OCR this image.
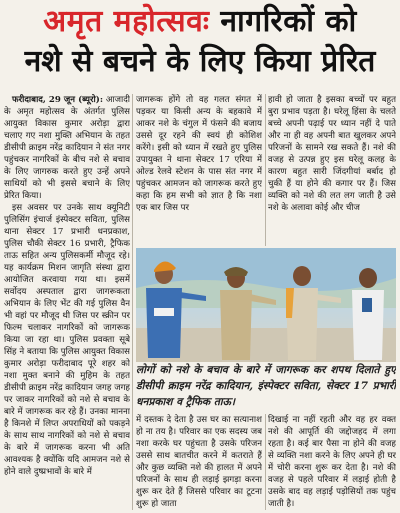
अमृत महोत्सवः नागरिकों को
नशे से बचने के लिए किया प्रेरित

फरीदाबाद, 29 जून (ब्यूरो): आजादी के अमृत महोत्सव के अंतर्गत पुलिस आयुक्त विकास कुमार अरोड़ा द्वारा चलाए गए नशा मुक्ति अभियान के तहत डीसीपी क्राइम नरेंद्र कादियान ने संत नगर पहुंचकर नागरिकों के बीच नशे से बचाव के लिए जागरुक करते हुए उन्हें अपने साथियों को भी इससे बचाने के लिए प्रेरित किया।

इस अवसर पर उनके साथ क्यूनिटी पुलिसिंग इंचार्ज इंस्पेक्टर सविता, पुलिस थाना सेक्टर 17 प्रभारी धनप्रकाश, पुलिस चौकी सेक्टर 16 प्रभारी, ट्रैफिक ताऊ सहित अन्य पुलिसकर्मी मौजूद रहे। यह कार्यक्रम मिशन जागृति संस्था द्वारा आयोजित करवाया गया था। इसमें सर्वोदय अस्पताल द्वारा जागरूकता अभियान के लिए भेंट की गई पुलिस वैन भी वहां पर मौजूद थी जिस पर स्क्रीन पर फिल्म चलाकर नागरिकों को जागरूक किया जा रहा था। पुलिस प्रवक्ता सूबे सिंह ने बताया कि पुलिस आयुक्त विकास कुमार अरोड़ा फरीदाबाद पूरे शहर को नशा मुक्त बनाने की मुहिम के तहत डीसीपी क्राइम नरेंद्र कादियान जगह जगह पर जाकर नागरिकों को नशे से बचाव के बारे में जागरूक कर रहे हैं। उनका मानना है किनशे में लिप्त अपराधियों को पकड़ने के साथ साथ नागरिकों को नशे से बचाव के बारे में जागरूक करना भी अति आवश्यक है क्योंकि यदि आमजन नशे से होने वाले दुष्प्रभावों के बारे में

जागरूक होंगे तो वह गलत संगत में पड़कर या किसी अन्य के बहकावे में आकर नशे के चंगुल में फंसने की बजाय उससे दूर रहने की स्वयं ही कोशिश करेंगे। इसी को ध्यान में रखते हुए पुलिस उपायुक्त ने थाना सेक्टर 17 एरिया में ओल्ड रेलवे स्टेशन के पास संत नगर में पहुंचकर आमजन को जागरूक करते हुए कहा कि हम सभी को ज्ञात है कि नशा एक बार जिस पर

हावी हो जाता है इसका बच्चों पर बहुत बुरा प्रभाव पड़ता है। घरेलू हिंसा के चलते बच्चे अपनी पढ़ाई पर ध्यान नहीं दे पाते और ना ही वह अपनी बात खुलकर अपने परिजनों के सामने रख सकते हैं। नशे की वजह से उत्पन्न हुए इस घरेलू कलह के कारण बहुत सारी जिंदगीयां बर्बाद हो चुकी हैं या होने की कगार पर हैं। जिस व्यक्ति को नशे की लत लग जाती है उसे नशे के अलावा कोई और चीज

लोगों को नशे के बचाव के बारे में जागरूक कर शपथ दिलाते हुए डीसीपी क्राइम नरेंद्र कादियान, इंस्पेक्टर सविता, सेक्टर 17 प्रभारी धनप्रकाश व ट्रैफिक ताऊ।

में दस्तक दे देता है उस घर का सत्यानाश हो ना तय है। परिवार का एक सदस्य जब नशा करके घर पहुंचता है उसके परिजन उससे साथ बातचीत करने में कतराते हैं और कुछ व्यक्ति नशे की हालत में अपने परिजनों के साथ ही लड़ाई झगड़ा करना शुरू कर देते हैं जिससे परिवार का टूटना शुरू हो जाता

दिखाई ना नहीं रहती और वह हर वक्त नशे की आपूर्ति की जद्दोजहद में लगा रहता है। कई बार पैसा ना होने की वजह से व्यक्ति नशा करने के लिए अपने ही घर में चोरी करना शुरू कर देता है। नशे की वजह से पहले परिवार में लड़ाई होती है उसके बाद वह लड़ाई पड़ोसियों तक पहुंच जाती है।
